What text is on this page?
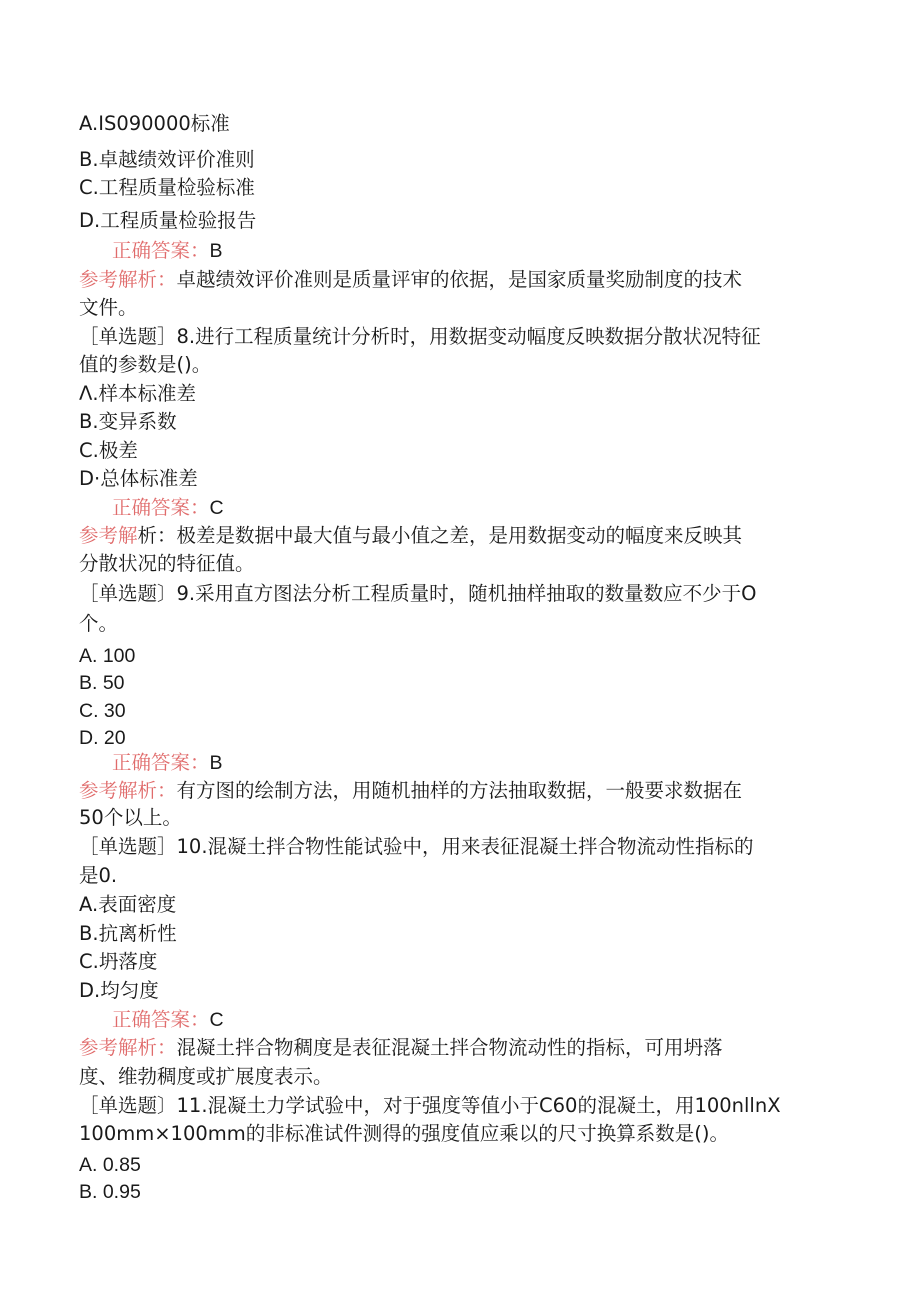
A.IS090000标准
B.卓越绩效评价准则
C.工程质量检验标准
D.工程质量检验报告
正确答案：B
参考解析：卓越绩效评价准则是质量评审的依据，是国家质量奖励制度的技术
文件。
［单选题］8.进行工程质量统计分析时，用数据变动幅度反映数据分散状况特征
值的参数是()。
Λ.样本标准差
B.变异系数
C.极差
D·总体标准差
正确答案：C
参考解析：极差是数据中最大值与最小值之差，是用数据变动的幅度来反映其
分散状况的特征值。
［单选题〕9.采用直方图法分析工程质量时，随机抽样抽取的数量数应不少于O
个。
A. 100
B. 50
C. 30
D. 20
正确答案：B
参考解析：有方图的绘制方法，用随机抽样的方法抽取数据，一般要求数据在
50个以上。
［单选题］10.混凝土拌合物性能试验中，用来表征混凝土拌合物流动性指标的
是0.
A.表面密度
B.抗离析性
C.坍落度
D.均匀度
正确答案：C
参考解析：混凝土拌合物稠度是表征混凝土拌合物流动性的指标，可用坍落
度、维勃稠度或扩展度表示。
［单选题〕11.混凝土力学试验中，对于强度等值小于C60的混凝土，用100nllnX
100mm×100mm的非标准试件测得的强度值应乘以的尺寸换算系数是()。
A. 0.85
B. 0.95
